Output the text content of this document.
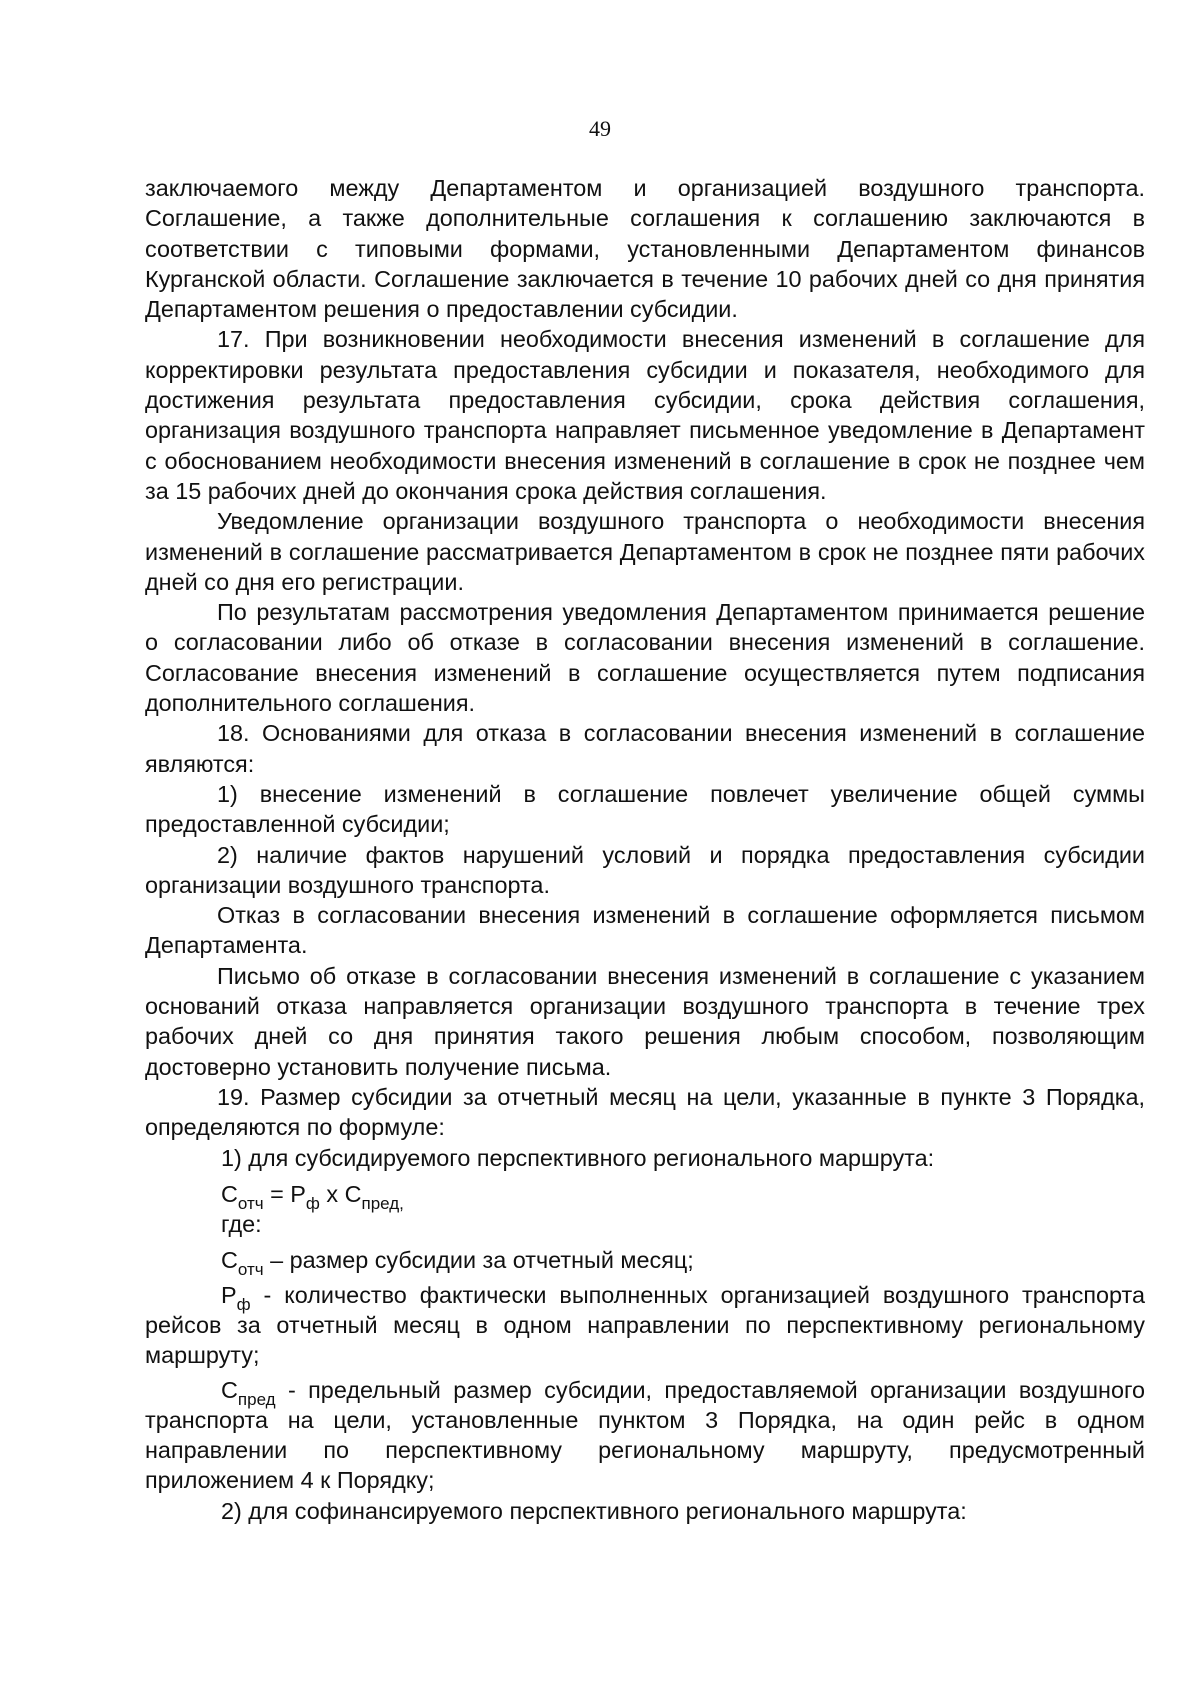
49

заключаемого между Департаментом и организацией воздушного транспорта. Соглашение, а также дополнительные соглашения к соглашению заключаются в соответствии с типовыми формами, установленными Департаментом финансов Курганской области. Соглашение заключается в течение 10 рабочих дней со дня принятия Департаментом решения о предоставлении субсидии.

17. При возникновении необходимости внесения изменений в соглашение для корректировки результата предоставления субсидии и показателя, необходимого для достижения результата предоставления субсидии, срока действия соглашения, организация воздушного транспорта направляет письменное уведомление в Департамент с обоснованием необходимости внесения изменений в соглашение в срок не позднее чем за 15 рабочих дней до окончания срока действия соглашения.

Уведомление организации воздушного транспорта о необходимости внесения изменений в соглашение рассматривается Департаментом в срок не позднее пяти рабочих дней со дня его регистрации.

По результатам рассмотрения уведомления Департаментом принимается решение о согласовании либо об отказе в согласовании внесения изменений в соглашение. Согласование внесения изменений в соглашение осуществляется путем подписания дополнительного соглашения.

18. Основаниями для отказа в согласовании внесения изменений в соглашение являются:

1) внесение изменений в соглашение повлечет увеличение общей суммы предоставленной субсидии;

2) наличие фактов нарушений условий и порядка предоставления субсидии организации воздушного транспорта.

Отказ в согласовании внесения изменений в соглашение оформляется письмом Департамента.

Письмо об отказе в согласовании внесения изменений в соглашение с указанием оснований отказа направляется организации воздушного транспорта в течение трех рабочих дней со дня принятия такого решения любым способом, позволяющим достоверно установить получение письма.

19. Размер субсидии за отчетный месяц на цели, указанные в пункте 3 Порядка, определяются по формуле:

1) для субсидируемого перспективного регионального маршрута:

$С_{отч} = Р_ф$ х $С_{пред,}$

где:

$С_{отч}$ – размер субсидии за отчетный месяц;

$Р_ф$ - количество фактически выполненных организацией воздушного транспорта рейсов за отчетный месяц в одном направлении по перспективному региональному маршруту;

$С_{пред}$ - предельный размер субсидии, предоставляемой организации воздушного транспорта на цели, установленные пунктом 3 Порядка, на один рейс в одном направлении по перспективному региональному маршруту, предусмотренный приложением 4 к Порядку;

2) для софинансируемого перспективного регионального маршрута:
